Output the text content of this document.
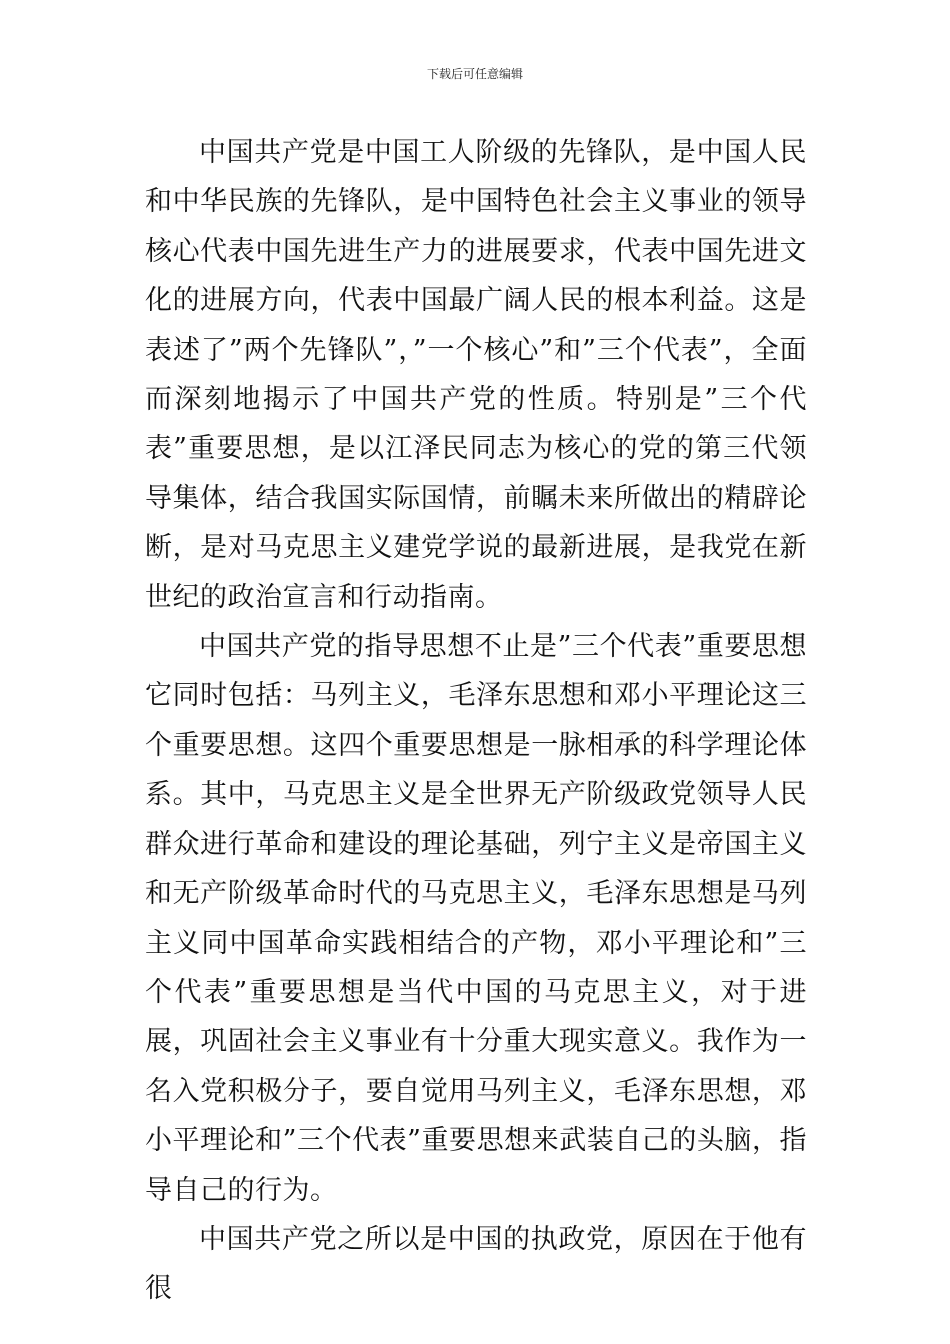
下载后可任意编辑

中国共产党是中国工人阶级的先锋队，是中国人民和中华民族的先锋队，是中国特色社会主义事业的领导核心代表中国先进生产力的进展要求，代表中国先进文化的进展方向，代表中国最广阔人民的根本利益。这是表述了”两个先锋队”，”一个核心”和”三个代表”，全面而深刻地揭示了中国共产党的性质。特别是”三个代表”重要思想，是以江泽民同志为核心的党的第三代领导集体，结合我国实际国情，前瞩未来所做出的精辟论断，是对马克思主义建党学说的最新进展，是我党在新世纪的政治宣言和行动指南。

中国共产党的指导思想不止是”三个代表”重要思想它同时包括：马列主义，毛泽东思想和邓小平理论这三个重要思想。这四个重要思想是一脉相承的科学理论体系。其中，马克思主义是全世界无产阶级政党领导人民群众进行革命和建设的理论基础，列宁主义是帝国主义和无产阶级革命时代的马克思主义，毛泽东思想是马列主义同中国革命实践相结合的产物，邓小平理论和”三个代表”重要思想是当代中国的马克思主义，对于进展，巩固社会主义事业有十分重大现实意义。我作为一名入党积极分子，要自觉用马列主义，毛泽东思想，邓小平理论和”三个代表”重要思想来武装自己的头脑，指导自己的行为。

中国共产党之所以是中国的执政党，原因在于他有很
